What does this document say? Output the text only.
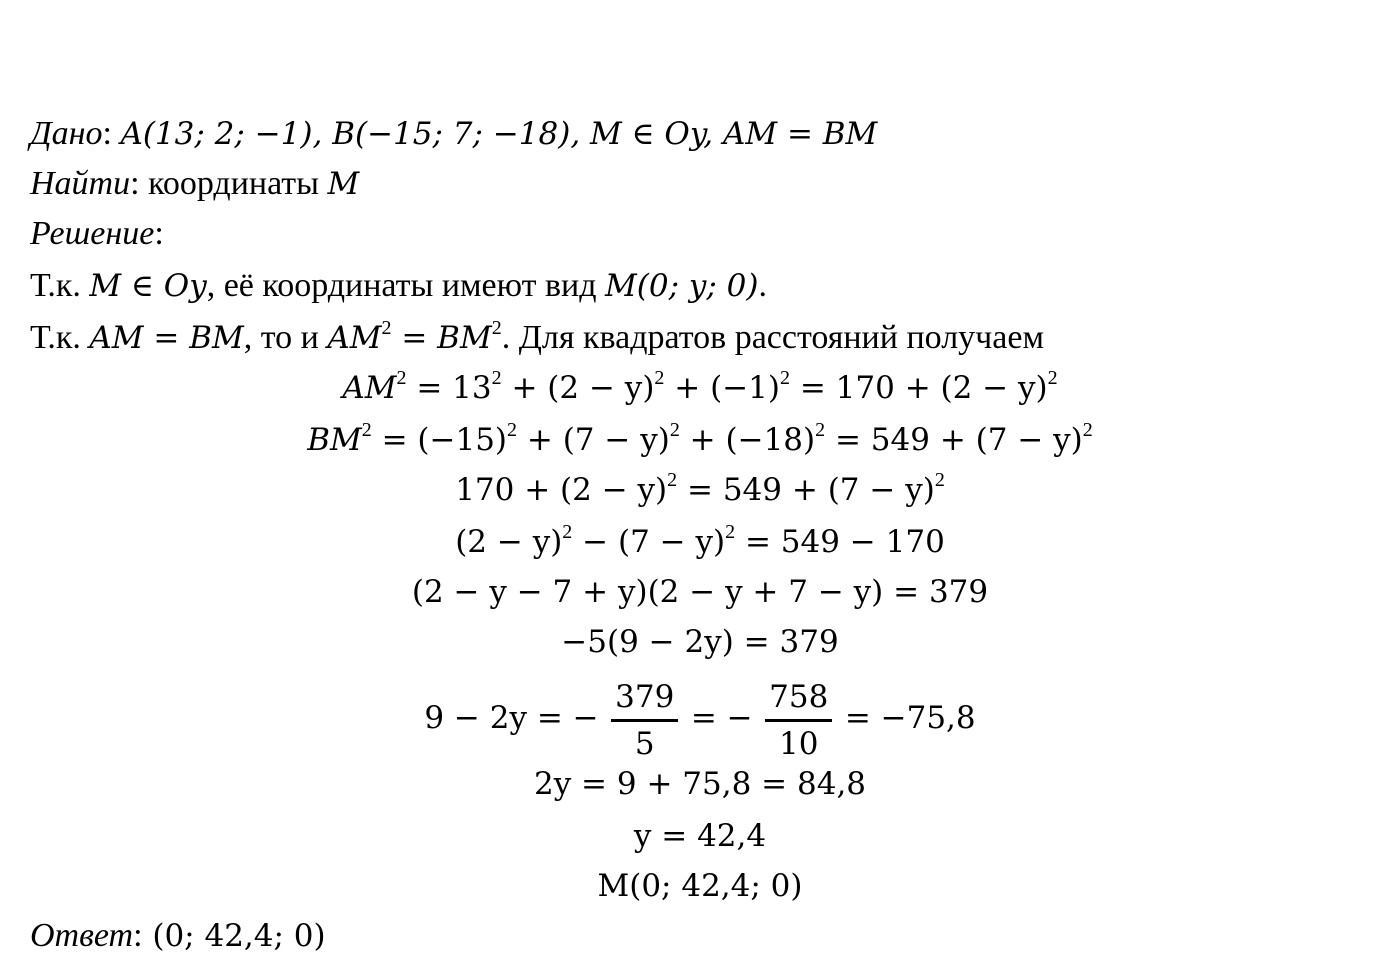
Дано: A(13; 2; −1), B(−15; 7; −18), M ∈ Oy, AM = BM
Найти: координаты M
Решение:
Т.к. M ∈ Oy, её координаты имеют вид M(0; y; 0).
Т.к. AM = BM, то и $AM^2 = BM^2$. Для квадратов расстояний получаем
$AM^2 = 13^2 + (2 - y)^2 + (-1)^2 = 170 + (2 - y)^2$
$BM^2 = (-15)^2 + (7 - y)^2 + (-18)^2 = 549 + (7 - y)^2$
$170 + (2 - y)^2 = 549 + (7 - y)^2$
$(2 - y)^2 - (7 - y)^2 = 549 - 170$
(2 − y − 7 + y)(2 − y + 7 − y) = 379
−5(9 − 2y) = 379
9 − 2y = − $\frac{379}{5}$ = − $\frac{758}{10} = -75,8$
2y = 9 + 75,8 = 84,8
y = 42,4
M(0; 42,4; 0)
Ответ: (0; 42,4; 0)
